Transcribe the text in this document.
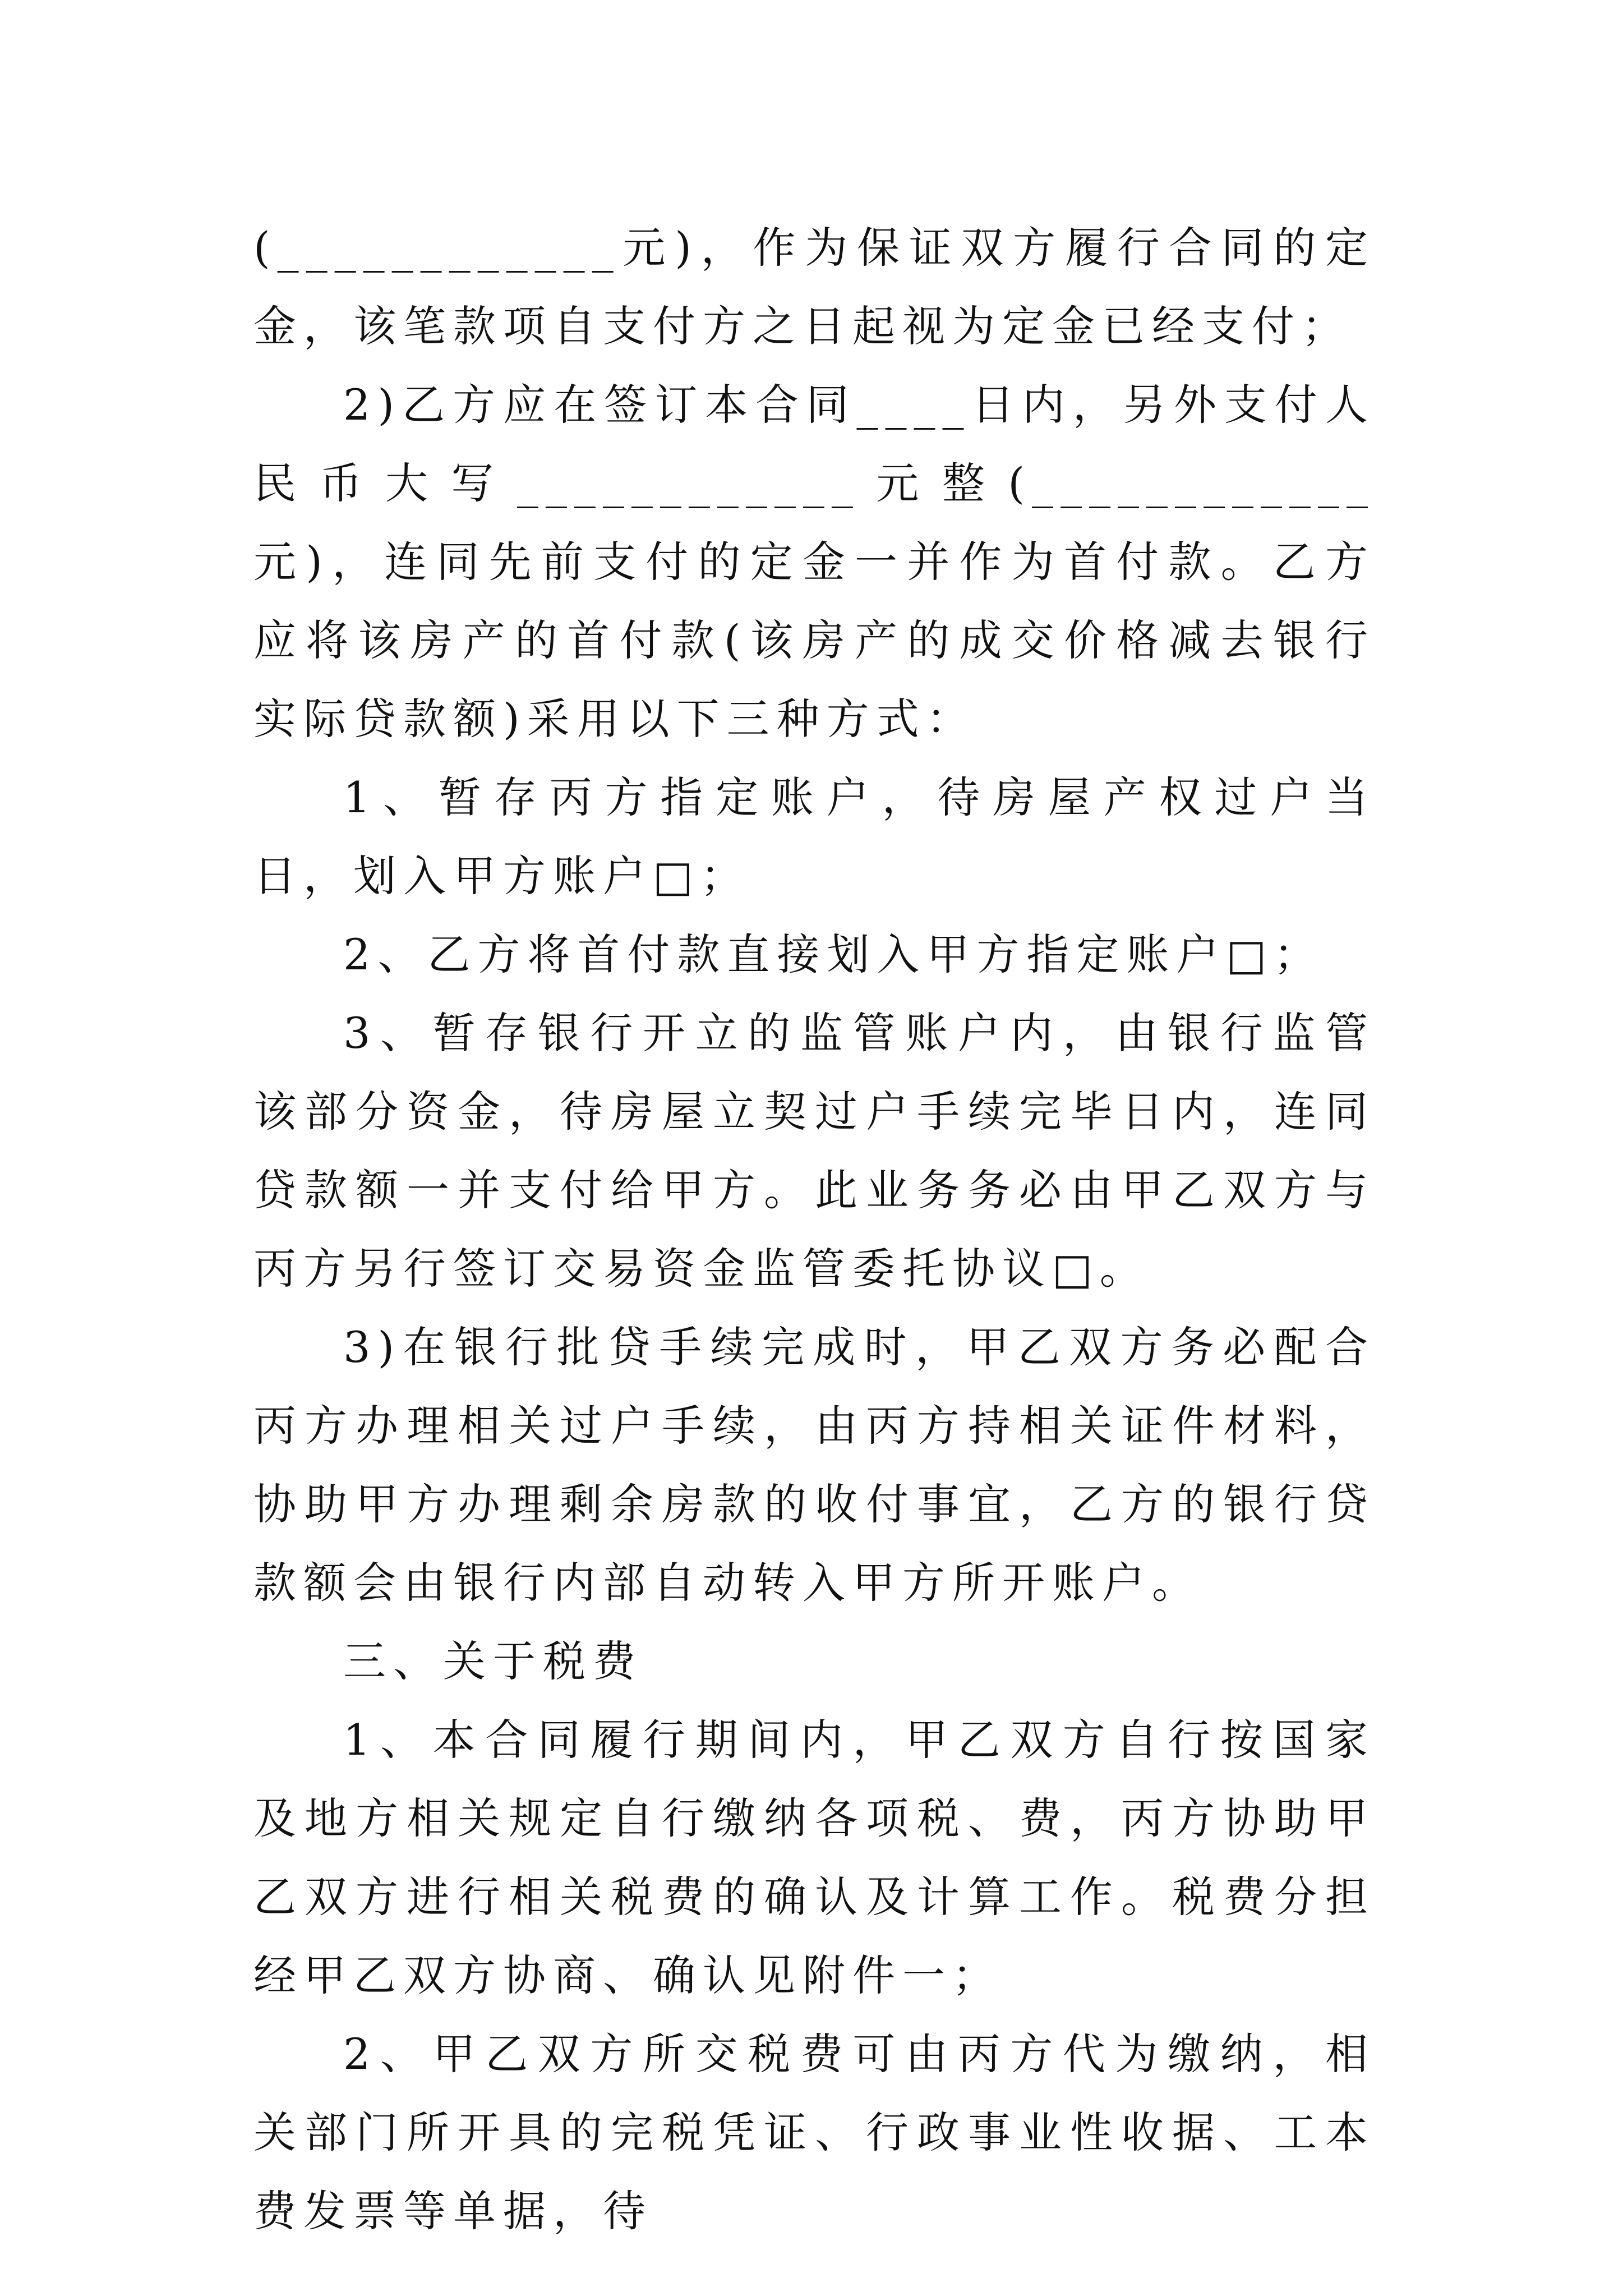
(____________元)，作为保证双方履行合同的定金，该笔款项自支付方之日起视为定金已经支付；

2)乙方应在签订本合同____日内，另外支付人民币大写____________元整(____________元)，连同先前支付的定金一并作为首付款。乙方应将该房产的首付款(该房产的成交价格减去银行实际贷款额)采用以下三种方式：

1、暂存丙方指定账户，待房屋产权过户当日，划入甲方账户□；

2、乙方将首付款直接划入甲方指定账户□；

3、暂存银行开立的监管账户内，由银行监管该部分资金，待房屋立契过户手续完毕日内，连同贷款额一并支付给甲方。此业务务必由甲乙双方与丙方另行签订交易资金监管委托协议□。

3)在银行批贷手续完成时，甲乙双方务必配合丙方办理相关过户手续，由丙方持相关证件材料，协助甲方办理剩余房款的收付事宜，乙方的银行贷款额会由银行内部自动转入甲方所开账户。

三、关于税费

1、本合同履行期间内，甲乙双方自行按国家及地方相关规定自行缴纳各项税、费，丙方协助甲乙双方进行相关税费的确认及计算工作。税费分担经甲乙双方协商、确认见附件一；

2、甲乙双方所交税费可由丙方代为缴纳，相关部门所开具的完税凭证、行政事业性收据、工本费发票等单据，待
